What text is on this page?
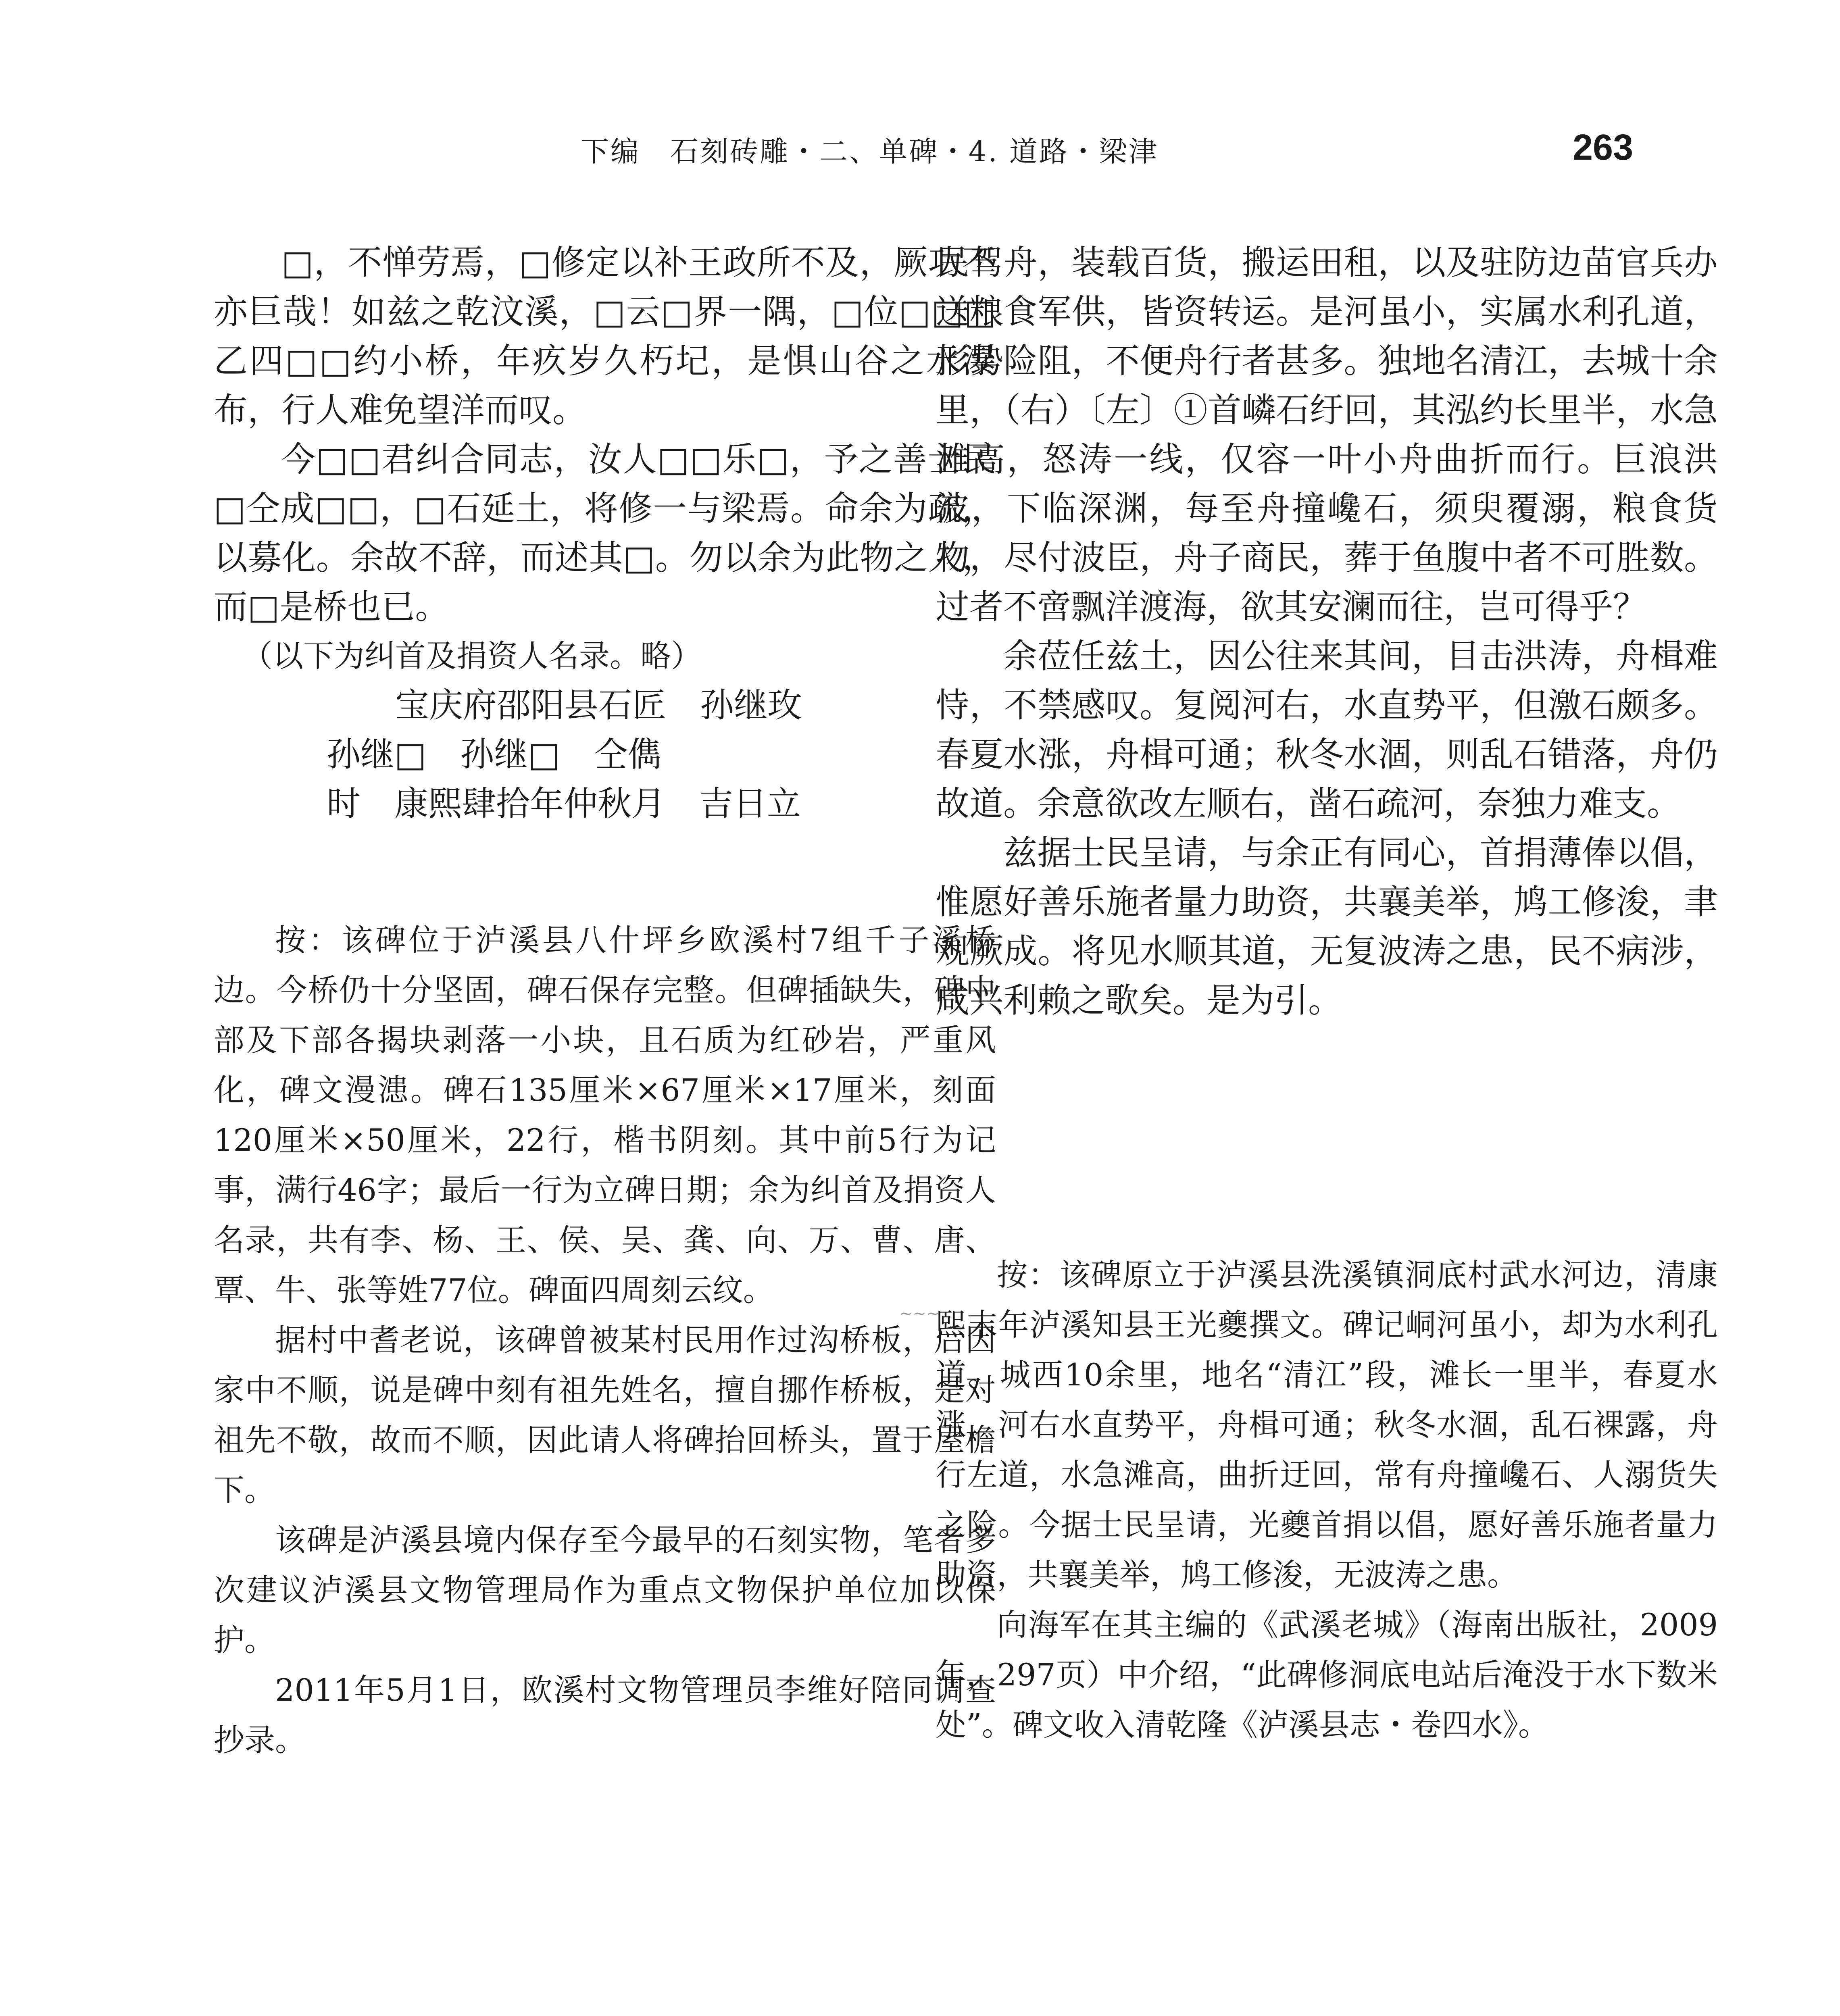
下编　石刻砖雕・二、单碑・4. 道路・梁津	263

□，不惮劳焉，□修定以补王政所不及，厥功不亦巨哉！如兹之乾汶溪，□云□界一隅，□位□□□乙四□□约小桥，年疚岁久朽圮，是惧山谷之水瀑布，行人难免望洋而叹。

今□□君纠合同志，汝人□□乐□，予之善士民□仝成□□，□石延土，将修一与梁焉。命余为疏，以募化。余故不辞，而述其□。勿以余为此物之人，而□是桥也已。

（以下为纠首及捐资人名录。略）
宝庆府邵阳县石匠　孙继玫
孙继□　孙继□　仝儁
时　康熙肆拾年仲秋月　吉日立

按：该碑位于泸溪县八什坪乡欧溪村7组千子溪桥边。今桥仍十分坚固，碑石保存完整。但碑插缺失，碑中部及下部各揭块剥落一小块，且石质为红砂岩，严重风化，碑文漫漶。碑石135厘米×67厘米×17厘米，刻面120厘米×50厘米，22行，楷书阴刻。其中前5行为记事，满行46字；最后一行为立碑日期；余为纠首及捐资人名录，共有李、杨、王、侯、吴、龚、向、万、曹、唐、覃、牛、张等姓77位。碑面四周刻云纹。

据村中耆老说，该碑曾被某村民用作过沟桥板，后因家中不顺，说是碑中刻有祖先姓名，擅自挪作桥板，是对祖先不敬，故而不顺，因此请人将碑抬回桥头，置于屋檐下。

该碑是泸溪县境内保存至今最早的石刻实物，笔者多次建议泸溪县文物管理局作为重点文物保护单位加以保护。

2011年5月1日，欧溪村文物管理员李维好陪同调查抄录。

民驾舟，装载百货，搬运田租，以及驻防边苗官兵办送粮食军供，皆资转运。是河虽小，实属水利孔道，形势险阻，不便舟行者甚多。独地名清江，去城十余里，（右）〔左〕①首嶙石纡回，其泓约长里半，水急滩高，怒涛一线，仅容一叶小舟曲折而行。巨浪洪波，下临深渊，每至舟撞巉石，须臾覆溺，粮食货物，尽付波臣，舟子商民，葬于鱼腹中者不可胜数。过者不啻飘洋渡海，欲其安澜而往，岂可得乎？

余莅任兹土，因公往来其间，目击洪涛，舟楫难恃，不禁感叹。复阅河右，水直势平，但激石颇多。春夏水涨，舟楫可通；秋冬水涸，则乱石错落，舟仍故道。余意欲改左顺右，凿石疏河，奈独力难支。

兹据士民呈请，与余正有同心，首捐薄俸以倡，惟愿好善乐施者量力助资，共襄美举，鸠工修浚，聿观厥成。将见水顺其道，无复波涛之患，民不病涉，咸兴利赖之歌矣。是为引。

~~~

按：该碑原立于泸溪县洗溪镇洞底村武水河边，清康熙末年泸溪知县王光夔撰文。碑记峒河虽小，却为水利孔道。城西10余里，地名“清江”段，滩长一里半，春夏水涨，河右水直势平，舟楫可通；秋冬水涸，乱石裸露，舟行左道，水急滩高，曲折迂回，常有舟撞巉石、人溺货失之险。今据士民呈请，光夔首捐以倡，愿好善乐施者量力助资，共襄美举，鸠工修浚，无波涛之患。

向海军在其主编的《武溪老城》（海南出版社，2009年，297页）中介绍，“此碑修洞底电站后淹没于水下数米处”。碑文收入清乾隆《泸溪县志・卷四水》。
